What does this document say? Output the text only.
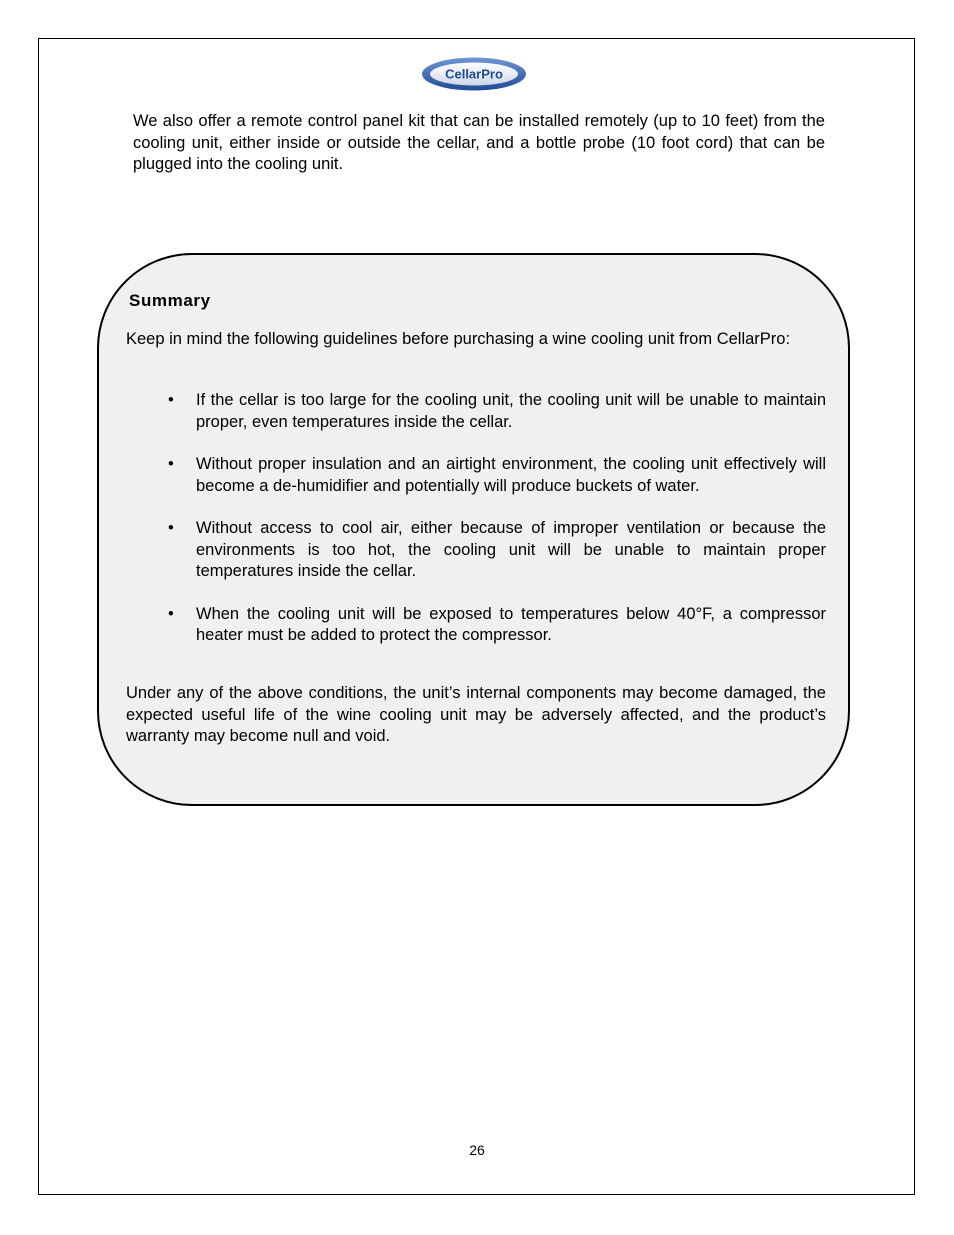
CellarPro

We also offer a remote control panel kit that can be installed remotely (up to 10 feet) from the cooling unit, either inside or outside the cellar, and a bottle probe (10 foot cord) that can be plugged into the cooling unit.

Summary

Keep in mind the following guidelines before purchasing a wine cooling unit from CellarPro:

• If the cellar is too large for the cooling unit, the cooling unit will be unable to maintain proper, even temperatures inside the cellar.
• Without proper insulation and an airtight environment, the cooling unit effectively will become a de-humidifier and potentially will produce buckets of water.
• Without access to cool air, either because of improper ventilation or because the environments is too hot, the cooling unit will be unable to maintain proper temperatures inside the cellar.
• When the cooling unit will be exposed to temperatures below 40°F, a compressor heater must be added to protect the compressor.

Under any of the above conditions, the unit’s internal components may become damaged, the expected useful life of the wine cooling unit may be adversely affected, and the product’s warranty may become null and void.

26
